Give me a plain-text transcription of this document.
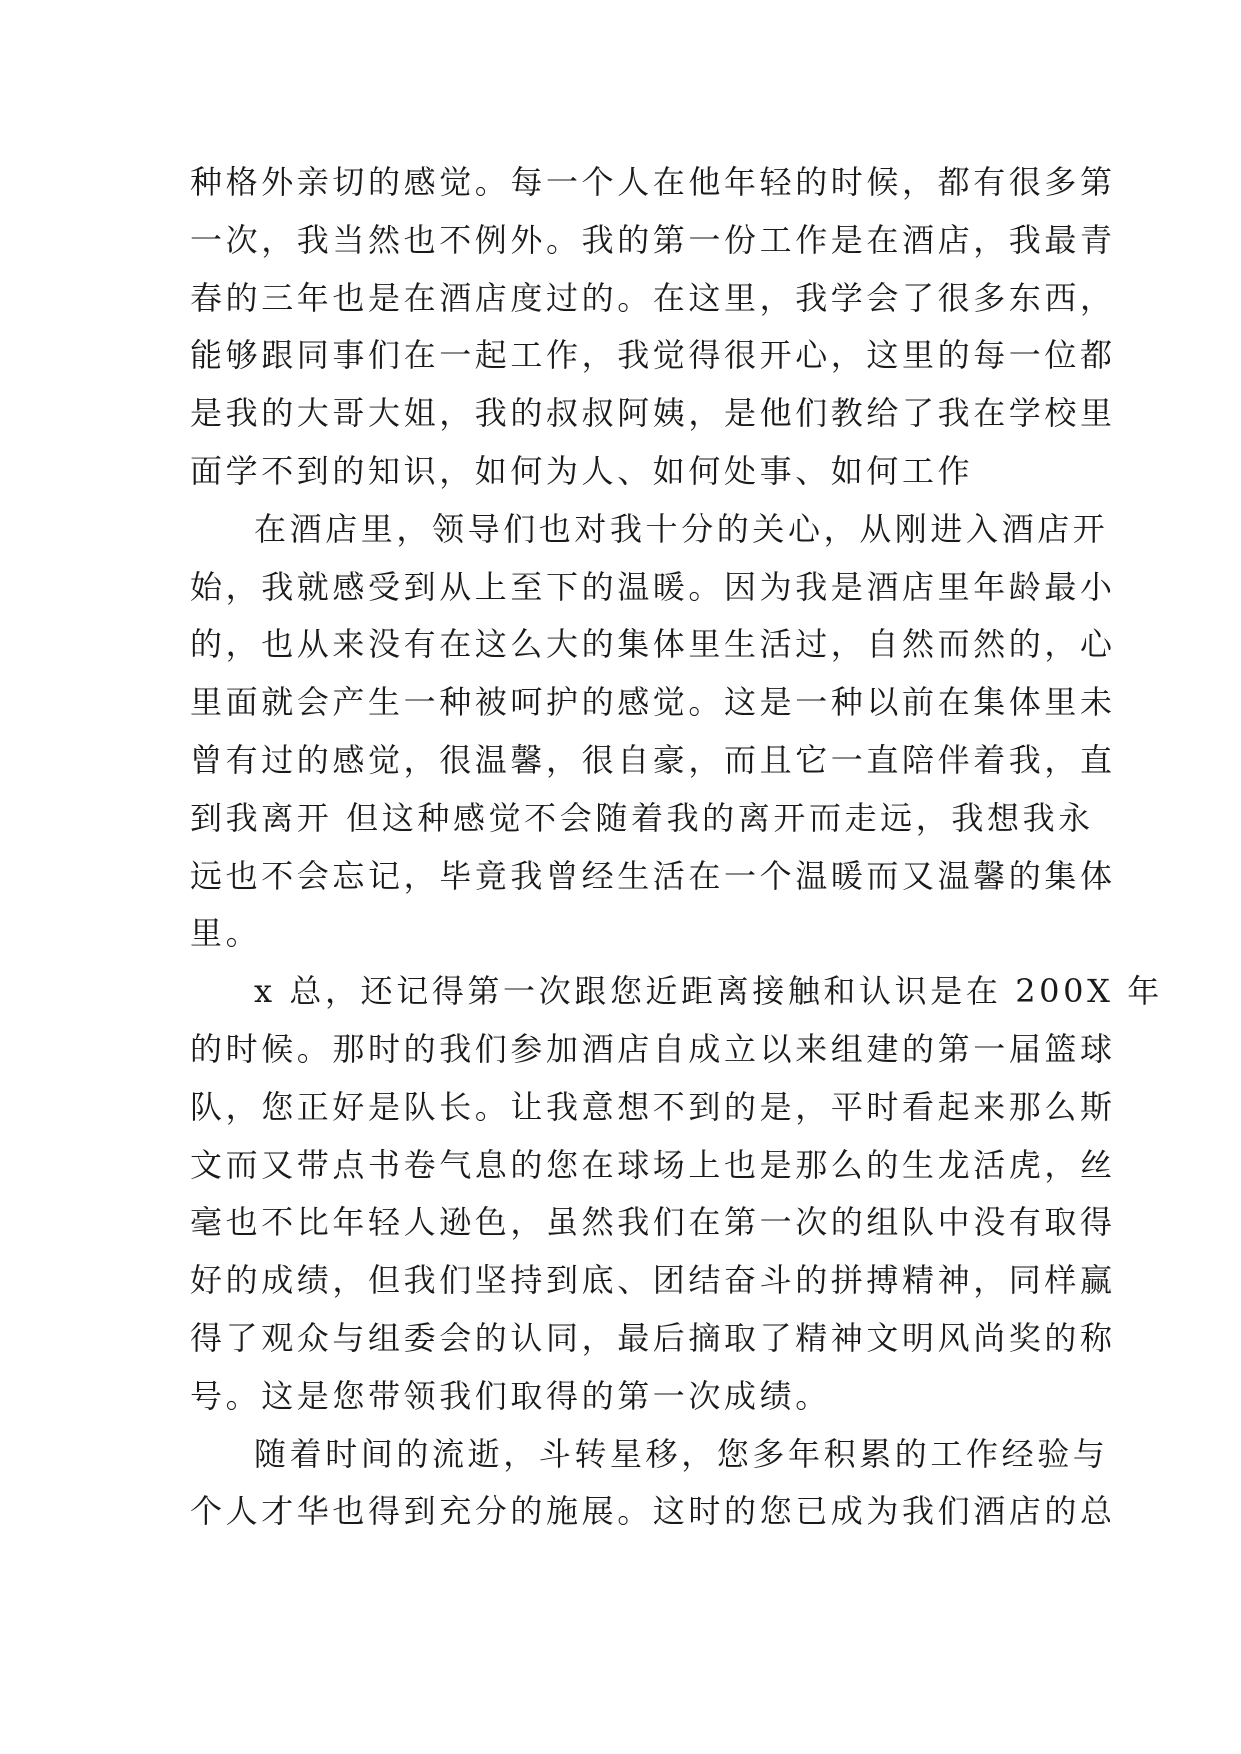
种格外亲切的感觉。每一个人在他年轻的时候，都有很多第
一次，我当然也不例外。我的第一份工作是在酒店，我最青
春的三年也是在酒店度过的。在这里，我学会了很多东西，
能够跟同事们在一起工作，我觉得很开心，这里的每一位都
是我的大哥大姐，我的叔叔阿姨，是他们教给了我在学校里
面学不到的知识，如何为人、如何处事、如何工作
在酒店里，领导们也对我十分的关心，从刚进入酒店开
始，我就感受到从上至下的温暖。因为我是酒店里年龄最小
的，也从来没有在这么大的集体里生活过，自然而然的，心
里面就会产生一种被呵护的感觉。这是一种以前在集体里未
曾有过的感觉，很温馨，很自豪，而且它一直陪伴着我，直
到我离开 但这种感觉不会随着我的离开而走远，我想我永
远也不会忘记，毕竟我曾经生活在一个温暖而又温馨的集体
里。
x 总，还记得第一次跟您近距离接触和认识是在 200X 年
的时候。那时的我们参加酒店自成立以来组建的第一届篮球
队，您正好是队长。让我意想不到的是，平时看起来那么斯
文而又带点书卷气息的您在球场上也是那么的生龙活虎，丝
毫也不比年轻人逊色，虽然我们在第一次的组队中没有取得
好的成绩，但我们坚持到底、团结奋斗的拼搏精神，同样赢
得了观众与组委会的认同，最后摘取了精神文明风尚奖的称
号。这是您带领我们取得的第一次成绩。
随着时间的流逝，斗转星移，您多年积累的工作经验与
个人才华也得到充分的施展。这时的您已成为我们酒店的总
